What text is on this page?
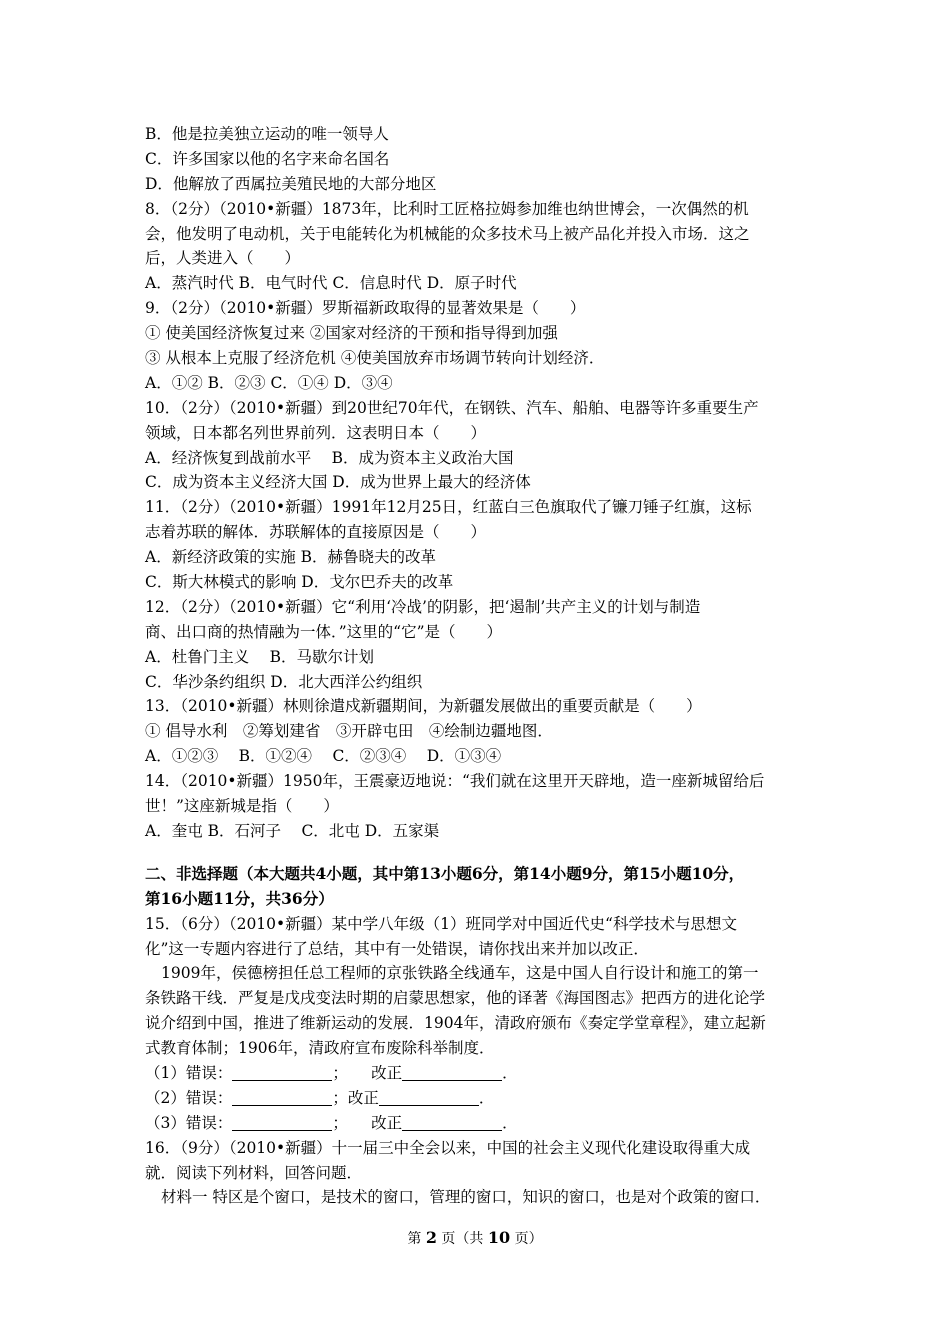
B．他是拉美独立运动的唯一领导人
C．许多国家以他的名字来命名国名
D．他解放了西属拉美殖民地的大部分地区
8．（2分）（2010•新疆）1873年，比利时工匠格拉姆参加维也纳世博会，一次偶然的机
会，他发明了电动机，关于电能转化为机械能的众多技术马上被产品化并投入市场．这之
后，人类进入（　　）
A．蒸汽时代 B．电气时代 C．信息时代 D．原子时代
9．（2分）（2010•新疆）罗斯福新政取得的显著效果是（　　）
① 使美国经济恢复过来 ②国家对经济的干预和指导得到加强
③ 从根本上克服了经济危机 ④使美国放弃市场调节转向计划经济．
A．①② B．②③ C．①④ D．③④
10．（2分）（2010•新疆）到20世纪70年代，在钢铁、汽车、船舶、电器等许多重要生产
领域，日本都名列世界前列．这表明日本（　　）
A．经济恢复到战前水平　 B．成为资本主义政治大国
C．成为资本主义经济大国 D．成为世界上最大的经济体
11．（2分）（2010•新疆）1991年12月25日，红蓝白三色旗取代了镰刀锤子红旗，这标
志着苏联的解体．苏联解体的直接原因是（　　）
A．新经济政策的实施 B．赫鲁晓夫的改革
C．斯大林模式的影响 D．戈尔巴乔夫的改革
12．（2分）（2010•新疆）它“利用‘冷战’的阴影，把‘遏制’共产主义的计划与制造
商、出口商的热情融为一体．”这里的“它”是（　　）
A．杜鲁门主义　 B．马歇尔计划
C．华沙条约组织 D．北大西洋公约组织
13．（2010•新疆）林则徐遣戍新疆期间，为新疆发展做出的重要贡献是（　　）
① 倡导水利　②筹划建省　③开辟屯田　④绘制边疆地图．
A．①②③　 B．①②④　 C．②③④　 D．①③④
14．（2010•新疆）1950年，王震豪迈地说：“我们就在这里开天辟地，造一座新城留给后
世！”这座新城是指（　　）
A．奎屯 B．石河子　 C．北屯 D．五家渠
二、非选择题（本大题共4小题，其中第13小题6分，第14小题9分，第15小题10分，
第16小题11分，共36分）
15．（6分）（2010•新疆）某中学八年级（1）班同学对中国近代史“科学技术与思想文
化”这一专题内容进行了总结，其中有一处错误，请你找出来并加以改正．
1909年，侯德榜担任总工程师的京张铁路全线通车，这是中国人自行设计和施工的第一
条铁路干线．严复是戊戌变法时期的启蒙思想家，他的译著《海国图志》把西方的进化论学
说介绍到中国，推进了维新运动的发展．1904年，清政府颁布《奏定学堂章程》，建立起新
式教育体制；1906年，清政府宣布废除科举制度．
（1）错误：	；　　改正	．
（2）错误：	；改正	．
（3）错误：	；　　改正	．
16．（9分）（2010•新疆）十一届三中全会以来，中国的社会主义现代化建设取得重大成
就．阅读下列材料，回答问题．
材料一 特区是个窗口，是技术的窗口，管理的窗口，知识的窗口，也是对个政策的窗口．
第 2 页（共 10 页）
